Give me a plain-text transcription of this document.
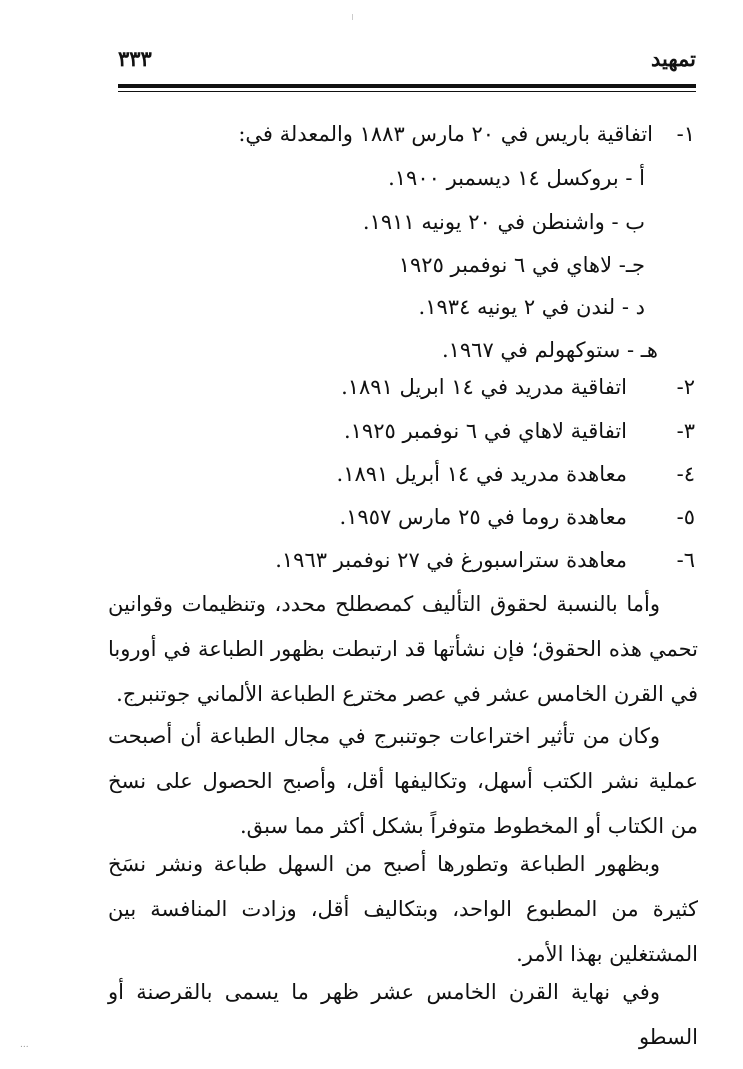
تمهيد
٣٣٣
١-
اتفاقية باريس في ٢٠ مارس ١٨٨٣ والمعدلة في:
أ - بروكسل ١٤ ديسمبر ١٩٠٠.
ب - واشنطن في ٢٠ يونيه ١٩١١.
جـ- لاهاي في ٦ نوفمبر ١٩٢٥
د - لندن في ٢ يونيه ١٩٣٤.
هـ - ستوكهولم في ١٩٦٧.
٢-
اتفاقية مدريد في ١٤ ابريل ١٨٩١.
٣-
اتفاقية لاهاي في ٦ نوفمبر ١٩٢٥.
٤-
معاهدة مدريد في ١٤ أبريل ١٨٩١.
٥-
معاهدة روما في ٢٥ مارس ١٩٥٧.
٦-
معاهدة ستراسبورغ في ٢٧ نوفمبر ١٩٦٣.

وأما بالنسبة لحقوق التأليف كمصطلح محدد، وتنظيمات وقوانين تحمي هذه الحقوق؛ فإن نشأتها قد ارتبطت بظهور الطباعة في أوروبا في القرن الخامس عشر في عصر مخترع الطباعة الألماني جوتنبرج.

وكان من تأثير اختراعات جوتنبرج في مجال الطباعة أن أصبحت عملية نشر الكتب أسهل، وتكاليفها أقل، وأصبح الحصول على نسخ من الكتاب أو المخطوط متوفراً بشكل أكثر مما سبق.

وبظهور الطباعة وتطورها أصبح من السهل طباعة ونشر نسَخ كثيرة من المطبوع الواحد، وبتكاليف أقل، وزادت المنافسة بين المشتغلين بهذا الأمر.

وفي نهاية القرن الخامس عشر ظهر ما يسمى بالقرصنة أو السطو

...
